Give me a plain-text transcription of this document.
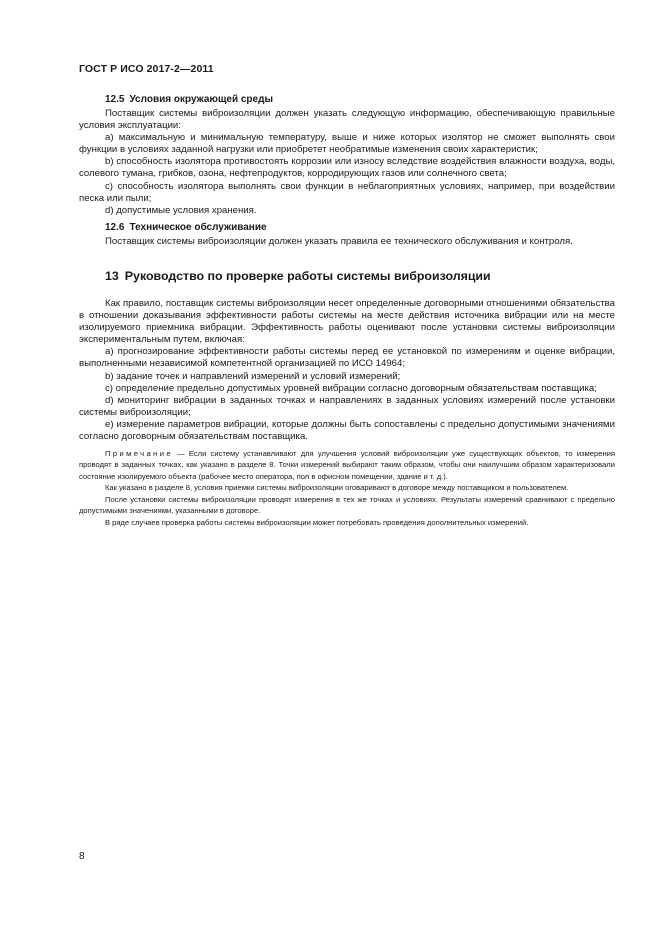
ГОСТ Р ИСО 2017-2—2011
12.5 Условия окружающей среды

Поставщик системы виброизоляции должен указать следующую информацию, обеспечивающую правильные условия эксплуатации:

a) максимальную и минимальную температуру, выше и ниже которых изолятор не сможет выполнять свои функции в условиях заданной нагрузки или приобретет необратимые изменения своих характеристик;

b) способность изолятора противостоять коррозии или износу вследствие воздействия влажности воздуха, воды, солевого тумана, грибков, озона, нефтепродуктов, корродирующих газов или солнечного света;

c) способность изолятора выполнять свои функции в неблагоприятных условиях, например, при воздействии песка или пыли;

d) допустимые условия хранения.

12.6 Техническое обслуживание

Поставщик системы виброизоляции должен указать правила ее технического обслуживания и контроля.

13 Руководство по проверке работы системы виброизоляции

Как правило, поставщик системы виброизоляции несет определенные договорными отношениями обязательства в отношении доказывания эффективности работы системы на месте действия источника вибрации или на месте изолируемого приемника вибрации. Эффективность работы оценивают после установки системы виброизоляции экспериментальным путем, включая:

a) прогнозирование эффективности работы системы перед ее установкой по измерениям и оценке вибрации, выполненными независимой компетентной организацией по ИСО 14964;

b) задание точек и направлений измерений и условий измерений;

c) определение предельно допустимых уровней вибрации согласно договорным обязательствам поставщика;

d) мониторинг вибрации в заданных точках и направлениях в заданных условиях измерений после установки системы виброизоляции;

e) измерение параметров вибрации, которые должны быть сопоставлены с предельно допустимыми значениями согласно договорным обязательствам поставщика.

Примечание — Если систему устанавливают для улучшения условий виброизоляции уже существующих объектов, то измерения проводят в заданных точках, как указано в разделе 8. Точки измерений выбирают таким образом, чтобы они наилучшим образом характеризовали состояние изолируемого объекта (рабочее место оператора, пол в офисном помещении, здание и т. д.).

Как указано в разделе 8, условия приемки системы виброизоляции оговаривают в договоре между поставщиком и пользователем.

После установки системы виброизоляции проводят измерения в тех же точках и условиях. Результаты измерений сравнивают с предельно допустимыми значениями, указанными в договоре.

В ряде случаев проверка работы системы виброизоляции может потребовать проведения дополнительных измерений.

8
